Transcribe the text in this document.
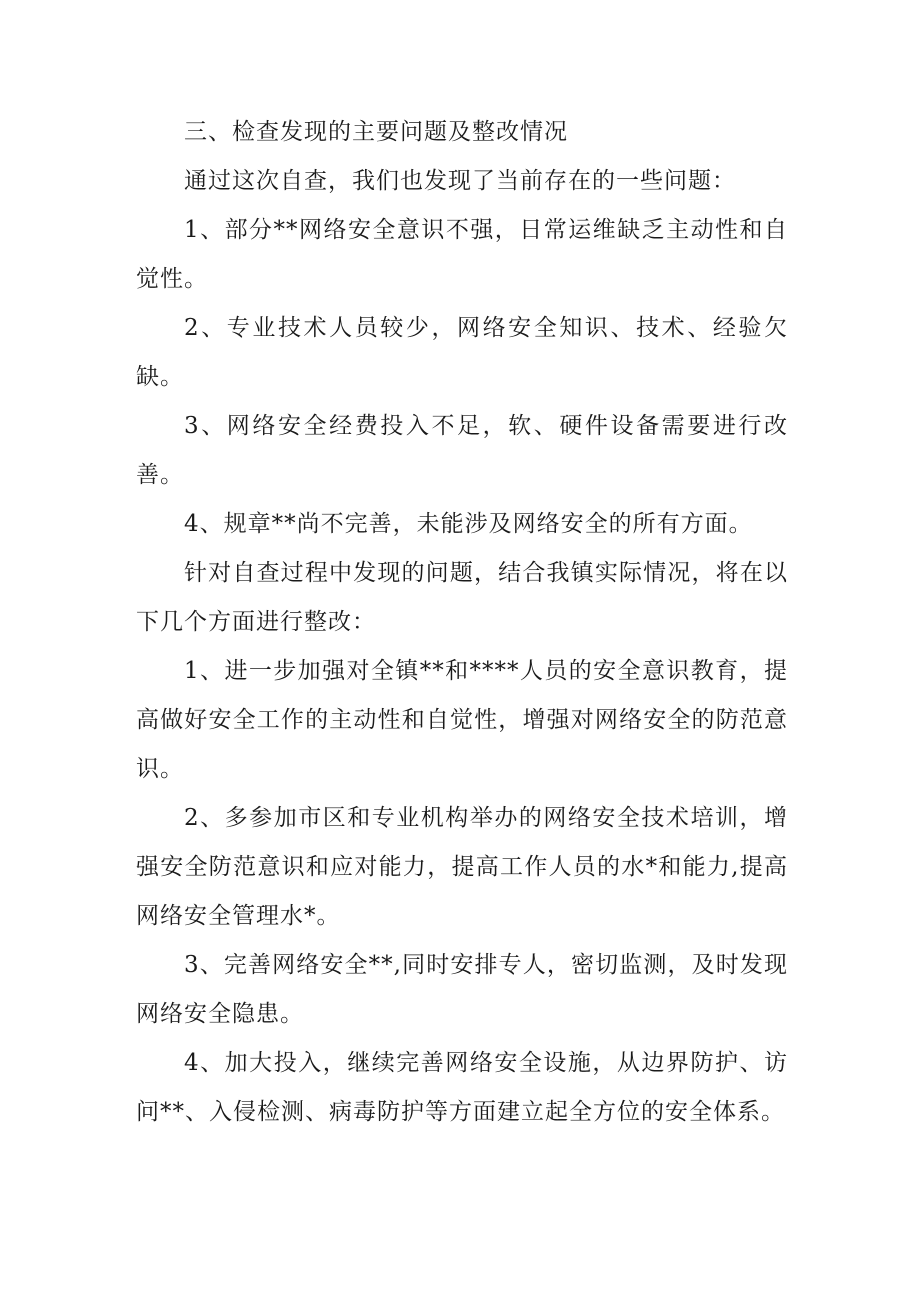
三、检查发现的主要问题及整改情况

通过这次自查，我们也发现了当前存在的一些问题：

1、部分**网络安全意识不强，日常运维缺乏主动性和自觉性。

2、专业技术人员较少，网络安全知识、技术、经验欠缺。

3、网络安全经费投入不足，软、硬件设备需要进行改善。

4、规章**尚不完善，未能涉及网络安全的所有方面。

针对自查过程中发现的问题，结合我镇实际情况，将在以下几个方面进行整改：

1、进一步加强对全镇**和****人员的安全意识教育，提高做好安全工作的主动性和自觉性，增强对网络安全的防范意识。

2、多参加市区和专业机构举办的网络安全技术培训，增强安全防范意识和应对能力，提高工作人员的水*和能力,提高网络安全管理水*。

3、完善网络安全**,同时安排专人，密切监测，及时发现网络安全隐患。

4、加大投入，继续完善网络安全设施，从边界防护、访问**、入侵检测、病毒防护等方面建立起全方位的安全体系。
